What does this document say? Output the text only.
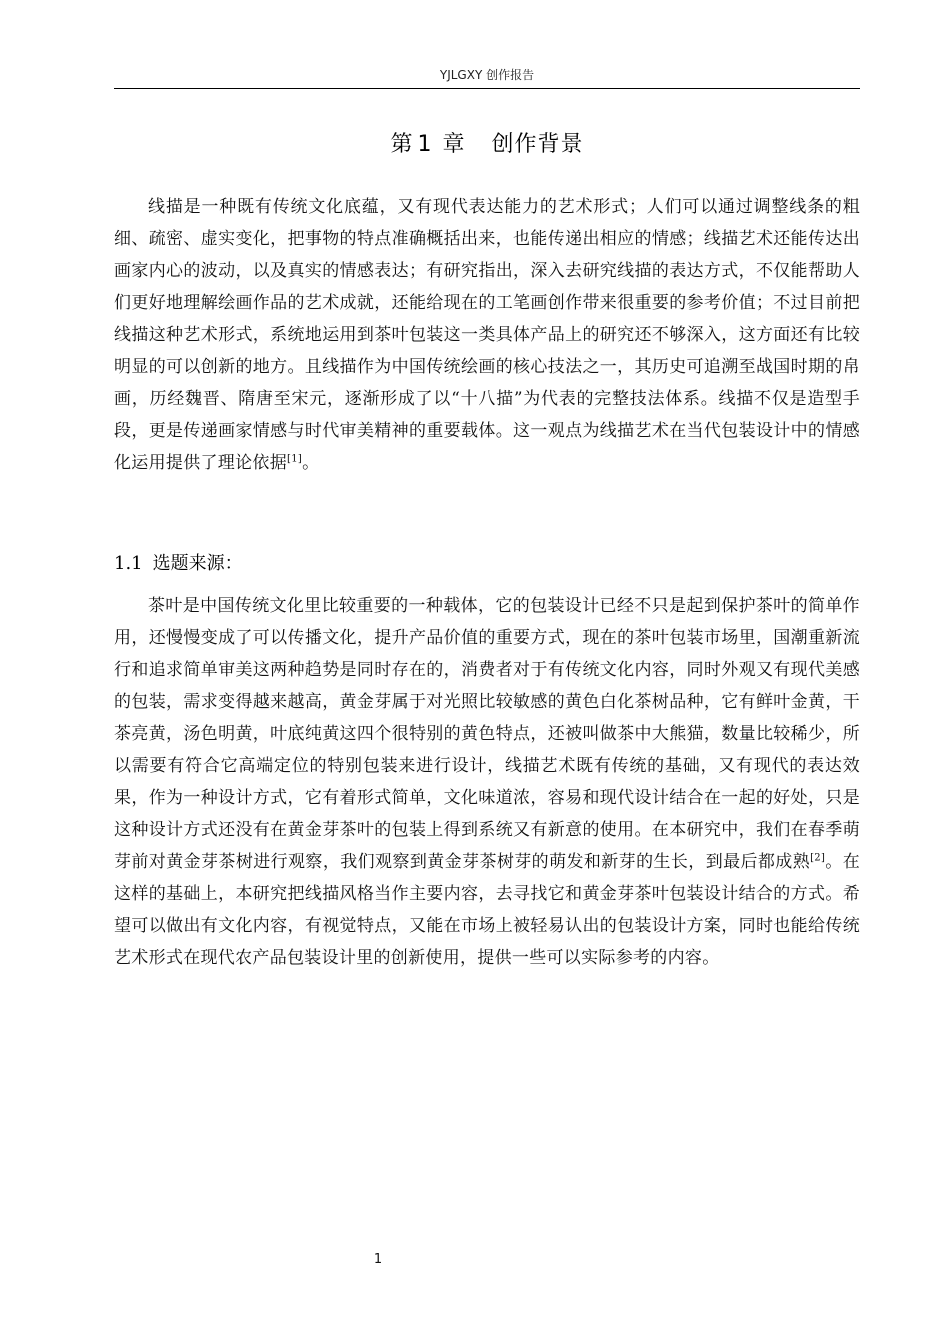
YJLGXY 创作报告
第 1 章 创作背景

线描是一种既有传统文化底蕴，又有现代表达能力的艺术形式；人们可以通过调整线条的粗细、疏密、虚实变化，把事物的特点准确概括出来，也能传递出相应的情感；线描艺术还能传达出画家内心的波动，以及真实的情感表达；有研究指出，深入去研究线描的表达方式，不仅能帮助人们更好地理解绘画作品的艺术成就，还能给现在的工笔画创作带来很重要的参考价值；不过目前把线描这种艺术形式，系统地运用到茶叶包装这一类具体产品上的研究还不够深入，这方面还有比较明显的可以创新的地方。且线描作为中国传统绘画的核心技法之一，其历史可追溯至战国时期的帛画，历经魏晋、隋唐至宋元，逐渐形成了以“十八描”为代表的完整技法体系。线描不仅是造型手段，更是传递画家情感与时代审美精神的重要载体。这一观点为线描艺术在当代包装设计中的情感化运用提供了理论依据[1]。

1.1 选题来源：

茶叶是中国传统文化里比较重要的一种载体，它的包装设计已经不只是起到保护茶叶的简单作用，还慢慢变成了可以传播文化，提升产品价值的重要方式，现在的茶叶包装市场里，国潮重新流行和追求简单审美这两种趋势是同时存在的，消费者对于有传统文化内容，同时外观又有现代美感的包装，需求变得越来越高，黄金芽属于对光照比较敏感的黄色白化茶树品种，它有鲜叶金黄，干茶亮黄，汤色明黄，叶底纯黄这四个很特别的黄色特点，还被叫做茶中大熊猫，数量比较稀少，所以需要有符合它高端定位的特别包装来进行设计，线描艺术既有传统的基础，又有现代的表达效果，作为一种设计方式，它有着形式简单，文化味道浓，容易和现代设计结合在一起的好处，只是这种设计方式还没有在黄金芽茶叶的包装上得到系统又有新意的使用。在本研究中，我们在春季萌芽前对黄金芽茶树进行观察，我们观察到黄金芽茶树芽的萌发和新芽的生长，到最后都成熟[2]。在这样的基础上，本研究把线描风格当作主要内容，去寻找它和黄金芽茶叶包装设计结合的方式。希望可以做出有文化内容，有视觉特点，又能在市场上被轻易认出的包装设计方案，同时也能给传统艺术形式在现代农产品包装设计里的创新使用，提供一些可以实际参考的内容。

1
